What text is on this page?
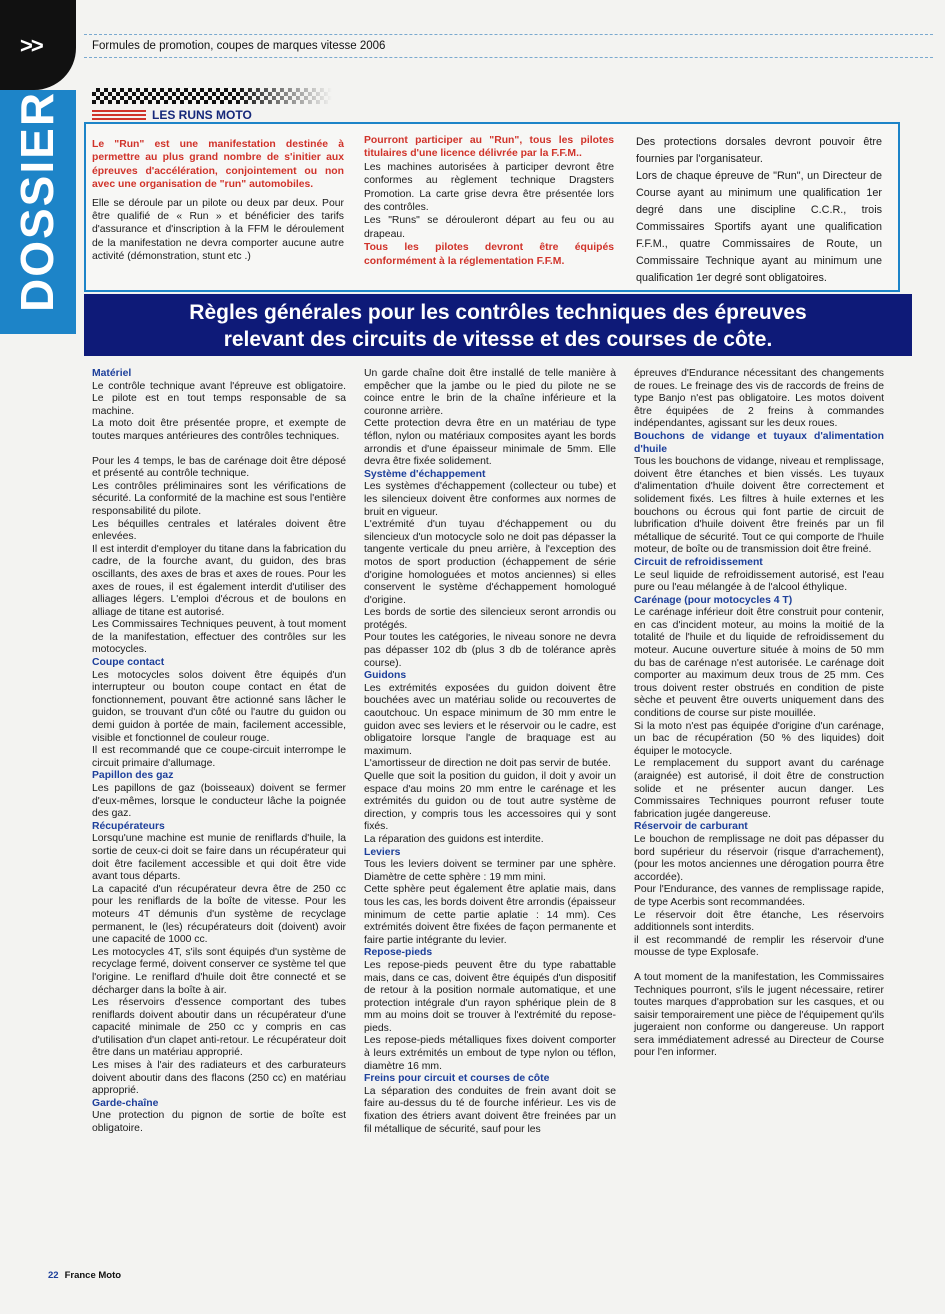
>>
DOSSIER
Formules de promotion, coupes de marques vitesse 2006
LES RUNS MOTO

Le "Run" est une manifestation destinée à permettre au plus grand nombre de s'initier aux épreuves d'accélération, conjointement ou non avec une organisation de "run" automobiles.

Elle se déroule par un pilote ou deux par deux. Pour être qualifié de « Run » et bénéficier des tarifs d'assurance et d'inscription à la FFM le déroulement de la manifestation ne devra comporter aucune autre activité (démonstration, stunt etc .)

Pourront participer au "Run", tous les pilotes titulaires d'une licence délivrée par la F.F.M..

Les machines autorisées à participer devront être conformes au règlement technique Dragsters Promotion. La carte grise devra être présentée lors des contrôles.

Les "Runs" se dérouleront départ au feu ou au drapeau.

Tous les pilotes devront être équipés conformément à la réglementation F.F.M.

Des protections dorsales devront pouvoir être fournies par l'organisateur.

Lors de chaque épreuve de "Run", un Directeur de Course ayant au minimum une qualification 1er degré dans une discipline C.C.R., trois Commissaires Sportifs ayant une qualification F.F.M., quatre Commissaires de Route, un Commissaire Technique ayant au minimum une qualification 1er degré sont obligatoires.

Règles générales pour les contrôles techniques des épreuves
relevant des circuits de vitesse et des courses de côte.

Matériel

Le contrôle technique avant l'épreuve est obligatoire. Le pilote est en tout temps responsable de sa machine.

La moto doit être présentée propre, et exempte de toutes marques antérieures des contrôles techniques.

Pour les 4 temps, le bas de carénage doit être déposé et présenté au contrôle technique.

Les contrôles préliminaires sont les vérifications de sécurité. La conformité de la machine est sous l'entière responsabilité du pilote.

Les béquilles centrales et latérales doivent être enlevées.

Il est interdit d'employer du titane dans la fabrication du cadre, de la fourche avant, du guidon, des bras oscillants, des axes de bras et axes de roues. Pour les axes de roues, il est également interdit d'utiliser des alliages légers. L'emploi d'écrous et de boulons en alliage de titane est autorisé.

Les Commissaires Techniques peuvent, à tout moment de la manifestation, effectuer des contrôles sur les motocycles.

Coupe contact

Les motocycles solos doivent être équipés d'un interrupteur ou bouton coupe contact en état de fonctionnement, pouvant être actionné sans lâcher le guidon, se trouvant d'un côté ou l'autre du guidon ou demi guidon à portée de main, facilement accessible, visible et fonctionnel de couleur rouge.

Il est recommandé que ce coupe-circuit interrompe le circuit primaire d'allumage.

Papillon des gaz

Les papillons de gaz (boisseaux) doivent se fermer d'eux-mêmes, lorsque le conducteur lâche la poignée des gaz.

Récupérateurs

Lorsqu'une machine est munie de reniflards d'huile, la sortie de ceux-ci doit se faire dans un récupérateur qui doit être facilement accessible et qui doit être vide avant tous départs.

La capacité d'un récupérateur devra être de 250 cc pour les reniflards de la boîte de vitesse. Pour les moteurs 4T démunis d'un système de recyclage permanent, le (les) récupérateurs doit (doivent) avoir une capacité de 1000 cc.

Les motocycles 4T, s'ils sont équipés d'un système de recyclage fermé, doivent conserver ce système tel que l'origine. Le reniflard d'huile doit être connecté et se décharger dans la boîte à air.

Les réservoirs d'essence comportant des tubes reniflards doivent aboutir dans un récupérateur d'une capacité minimale de 250 cc y compris en cas d'utilisation d'un clapet anti-retour. Le récupérateur doit être dans un matériau approprié.

Les mises à l'air des radiateurs et des carburateurs doivent aboutir dans des flacons (250 cc) en matériau approprié.

Garde-chaîne

Une protection du pignon de sortie de boîte est obligatoire.

Un garde chaîne doit être installé de telle manière à empêcher que la jambe ou le pied du pilote ne se coince entre le brin de la chaîne inférieure et la couronne arrière.

Cette protection devra être en un matériau de type téflon, nylon ou matériaux composites ayant les bords arrondis et d'une épaisseur minimale de 5mm. Elle devra être fixée solidement.

Système d'échappement

Les systèmes d'échappement (collecteur ou tube) et les silencieux doivent être conformes aux normes de bruit en vigueur.

L'extrémité d'un tuyau d'échappement ou du silencieux d'un motocycle solo ne doit pas dépasser la tangente verticale du pneu arrière, à l'exception des motos de sport production (échappement de série d'origine homologuées et motos anciennes) si elles conservent le système d'échappement homologué d'origine.

Les bords de sortie des silencieux seront arrondis ou protégés.

Pour toutes les catégories, le niveau sonore ne devra pas dépasser 102 db (plus 3 db de tolérance après course).

Guidons

Les extrémités exposées du guidon doivent être bouchées avec un matériau solide ou recouvertes de caoutchouc. Un espace minimum de 30 mm entre le guidon avec ses leviers et le réservoir ou le cadre, est obligatoire lorsque l'angle de braquage est au maximum.

L'amortisseur de direction ne doit pas servir de butée.

Quelle que soit la position du guidon, il doit y avoir un espace d'au moins 20 mm entre le carénage et les extrémités du guidon ou de tout autre système de direction, y compris tous les accessoires qui y sont fixés.

La réparation des guidons est interdite.

Leviers

Tous les leviers doivent se terminer par une sphère. Diamètre de cette sphère : 19 mm mini.

Cette sphère peut également être aplatie mais, dans tous les cas, les bords doivent être arrondis (épaisseur minimum de cette partie aplatie : 14 mm). Ces extrémités doivent être fixées de façon permanente et faire partie intégrante du levier.

Repose-pieds

Les repose-pieds peuvent être du type rabattable mais, dans ce cas, doivent être équipés d'un dispositif de retour à la position normale automatique, et une protection intégrale d'un rayon sphérique plein de 8 mm au moins doit se trouver à l'extrémité du repose-pieds.

Les repose-pieds métalliques fixes doivent comporter à leurs extrémités un embout de type nylon ou téflon, diamètre 16 mm.

Freins pour circuit et courses de côte

La séparation des conduites de frein avant doit se faire au-dessus du té de fourche inférieur. Les vis de fixation des étriers avant doivent être freinées par un fil métallique de sécurité, sauf pour les

épreuves d'Endurance nécessitant des changements de roues. Le freinage des vis de raccords de freins de type Banjo n'est pas obligatoire. Les motos doivent être équipées de 2 freins à commandes indépendantes, agissant sur les deux roues.

Bouchons de vidange et tuyaux d'alimentation d'huile

Tous les bouchons de vidange, niveau et remplissage, doivent être étanches et bien vissés. Les tuyaux d'alimentation d'huile doivent être correctement et solidement fixés. Les filtres à huile externes et les bouchons ou écrous qui font partie de circuit de lubrification d'huile doivent être freinés par un fil métallique de sécurité. Tout ce qui comporte de l'huile moteur, de boîte ou de transmission doit être freiné.

Circuit de refroidissement

Le seul liquide de refroidissement autorisé, est l'eau pure ou l'eau mélangée à de l'alcool éthylique.

Carénage (pour motocycles 4 T)

Le carénage inférieur doit être construit pour contenir, en cas d'incident moteur, au moins la moitié de la totalité de l'huile et du liquide de refroidissement du moteur. Aucune ouverture située à moins de 50 mm du bas de carénage n'est autorisée. Le carénage doit comporter au maximum deux trous de 25 mm. Ces trous doivent rester obstrués en condition de piste sèche et peuvent être ouverts uniquement dans des conditions de course sur piste mouillée.

Si la moto n'est pas équipée d'origine d'un carénage, un bac de récupération (50 % des liquides) doit équiper le motocycle.

Le remplacement du support avant du carénage (araignée) est autorisé, il doit être de construction solide et ne présenter aucun danger. Les Commissaires Techniques pourront refuser toute fabrication jugée dangereuse.

Réservoir de carburant

Le bouchon de remplissage ne doit pas dépasser du bord supérieur du réservoir (risque d'arrachement), (pour les motos anciennes une dérogation pourra être accordée).

Pour l'Endurance, des vannes de remplissage rapide, de type Acerbis sont recommandées.

Le réservoir doit être étanche, Les réservoirs additionnels sont interdits.

il est recommandé de remplir les réservoir d'une mousse de type Explosafe.

A tout moment de la manifestation, les Commissaires Techniques pourront, s'ils le jugent nécessaire, retirer toutes marques d'approbation sur les casques, et ou saisir temporairement une pièce de l'équipement qu'ils jugeraient non conforme ou dangereuse. Un rapport sera immédiatement adressé au Directeur de Course pour l'en informer.

22 France Moto
